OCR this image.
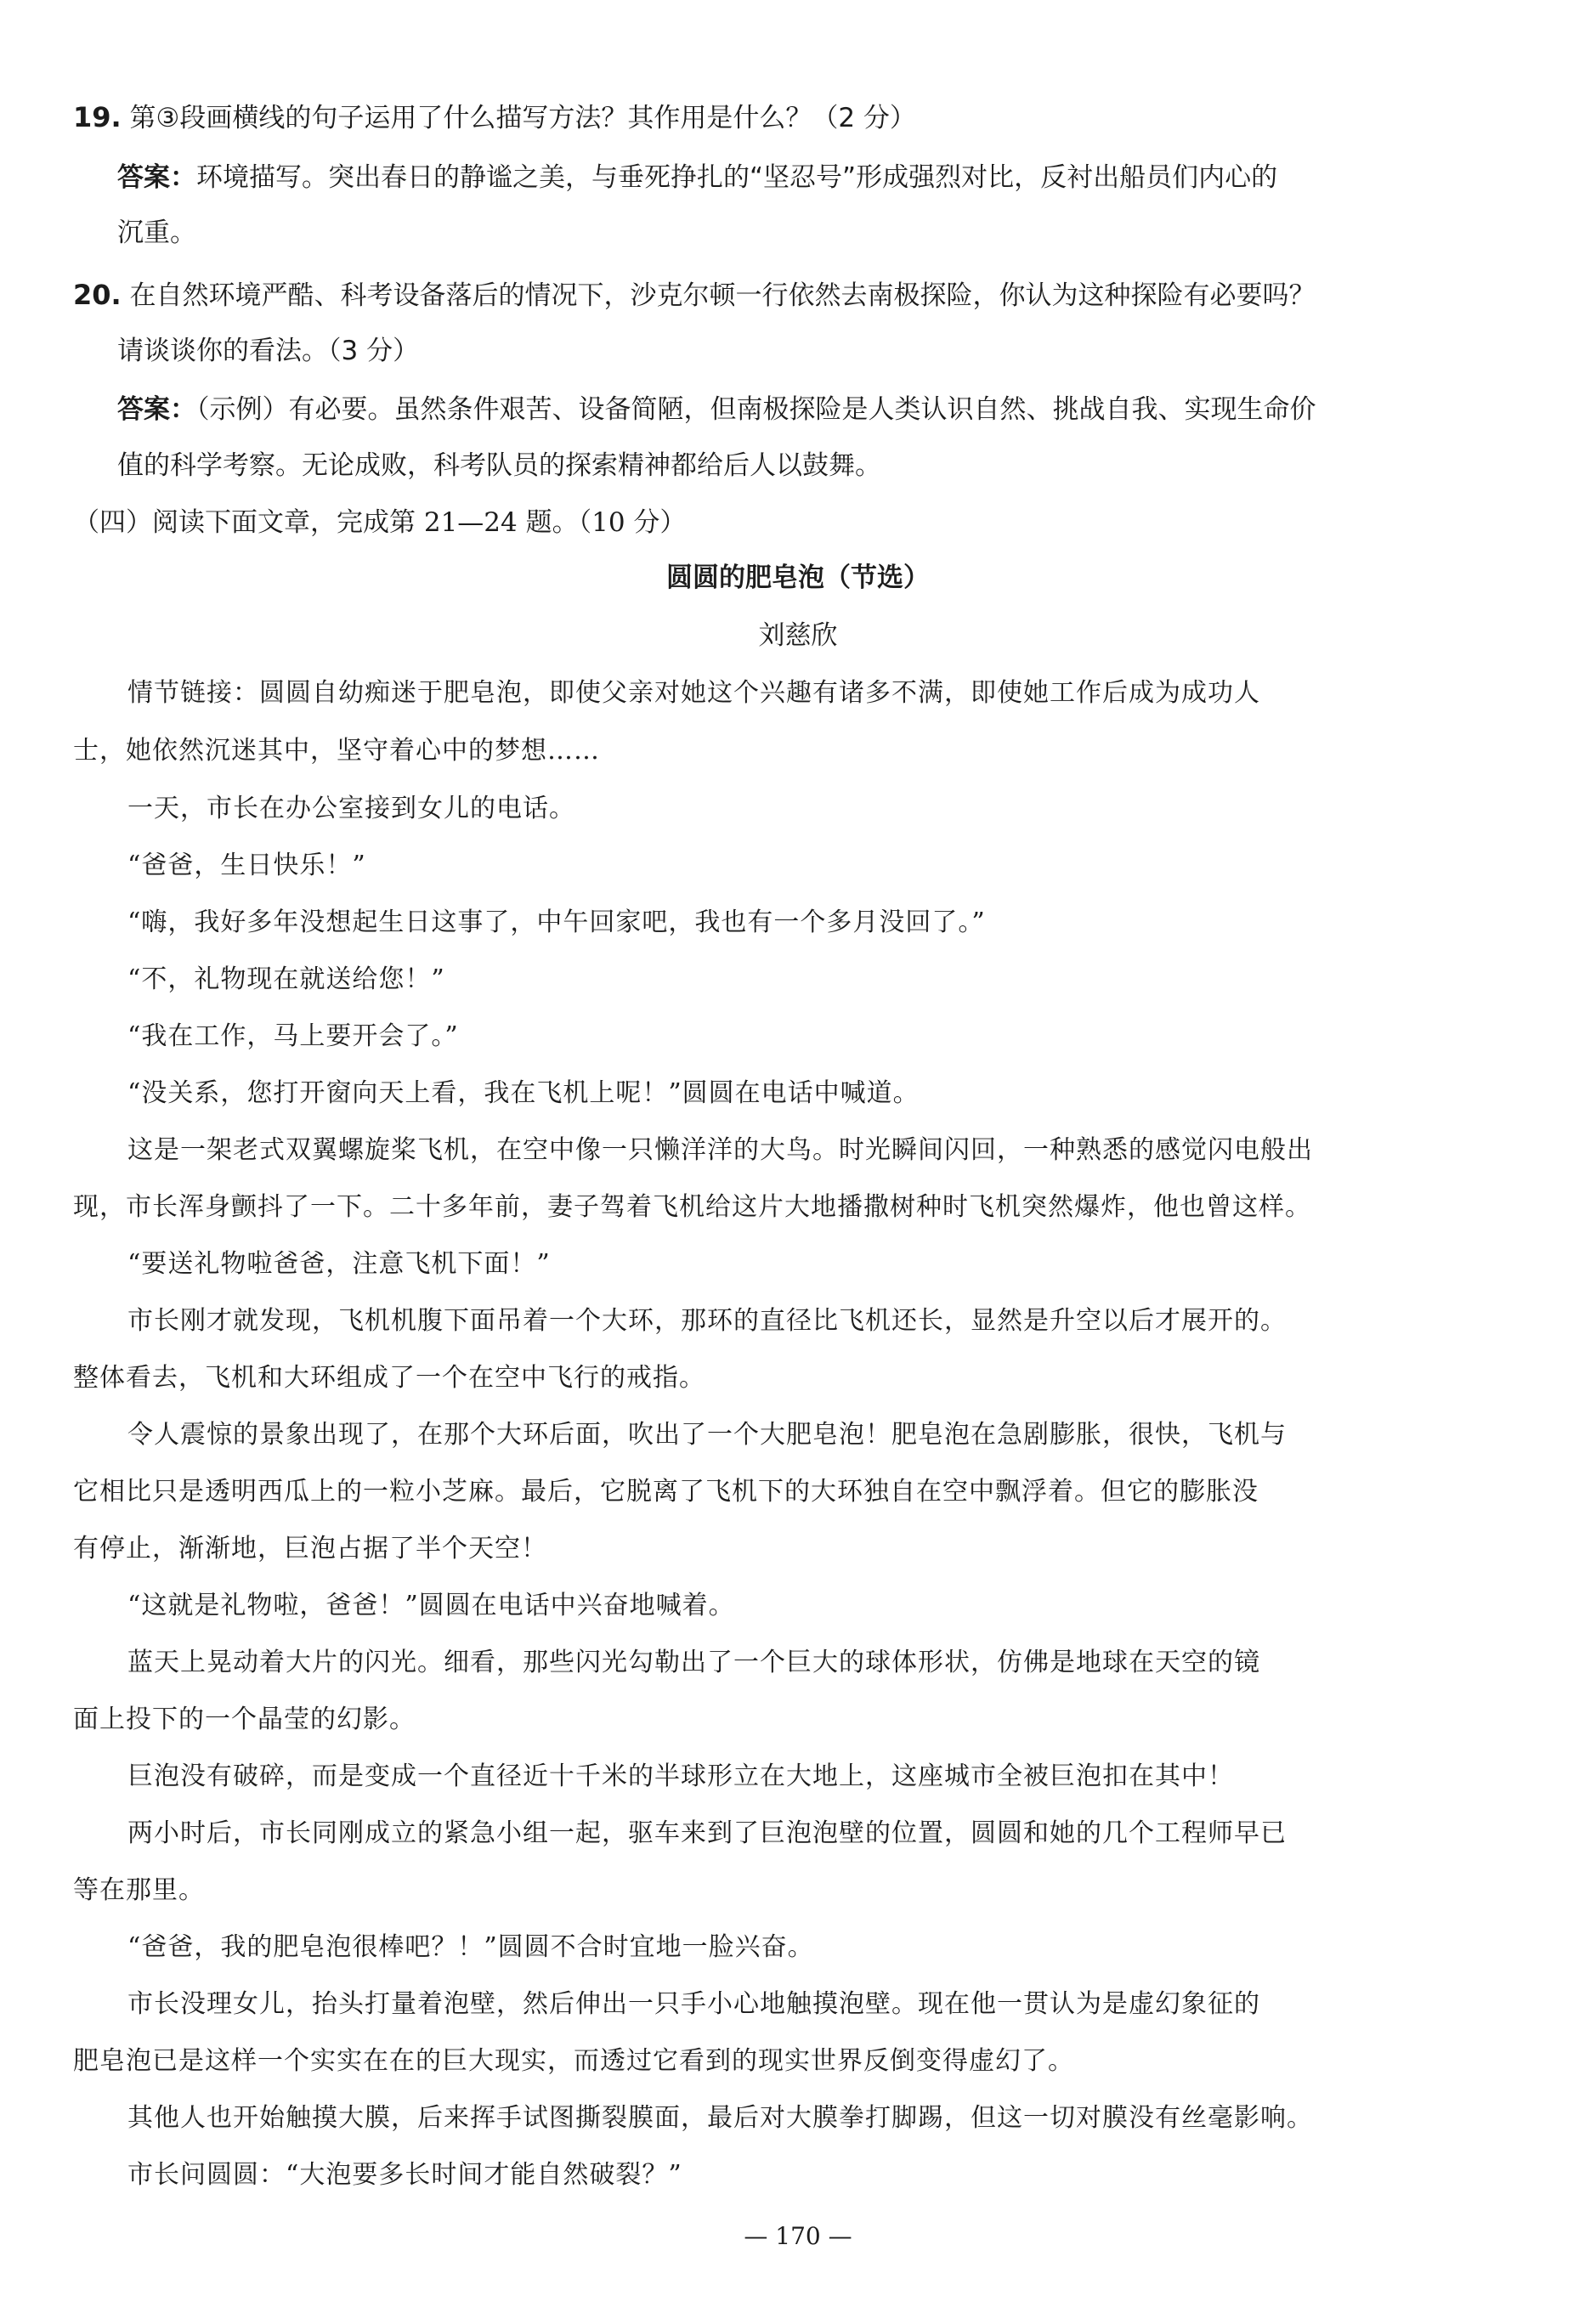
19. 第③段画横线的句子运用了什么描写方法？其作用是什么？（2 分）
答案：环境描写。突出春日的静谧之美，与垂死挣扎的“坚忍号”形成强烈对比，反衬出船员们内心的
沉重。
20. 在自然环境严酷、科考设备落后的情况下，沙克尔顿一行依然去南极探险，你认为这种探险有必要吗？
请谈谈你的看法。（3 分）
答案：（示例）有必要。虽然条件艰苦、设备简陋，但南极探险是人类认识自然、挑战自我、实现生命价
值的科学考察。无论成败，科考队员的探索精神都给后人以鼓舞。
（四）阅读下面文章，完成第 21—24 题。（10 分）
圆圆的肥皂泡（节选）
刘慈欣
情节链接：圆圆自幼痴迷于肥皂泡，即使父亲对她这个兴趣有诸多不满，即使她工作后成为成功人
士，她依然沉迷其中，坚守着心中的梦想……
一天，市长在办公室接到女儿的电话。
“爸爸，生日快乐！”
“嗨，我好多年没想起生日这事了，中午回家吧，我也有一个多月没回了。”
“不，礼物现在就送给您！”
“我在工作，马上要开会了。”
“没关系，您打开窗向天上看，我在飞机上呢！”圆圆在电话中喊道。
这是一架老式双翼螺旋桨飞机，在空中像一只懒洋洋的大鸟。时光瞬间闪回，一种熟悉的感觉闪电般出
现，市长浑身颤抖了一下。二十多年前，妻子驾着飞机给这片大地播撒树种时飞机突然爆炸，他也曾这样。
“要送礼物啦爸爸，注意飞机下面！”
市长刚才就发现，飞机机腹下面吊着一个大环，那环的直径比飞机还长，显然是升空以后才展开的。
整体看去，飞机和大环组成了一个在空中飞行的戒指。
令人震惊的景象出现了，在那个大环后面，吹出了一个大肥皂泡！肥皂泡在急剧膨胀，很快，飞机与
它相比只是透明西瓜上的一粒小芝麻。最后，它脱离了飞机下的大环独自在空中飘浮着。但它的膨胀没
有停止，渐渐地，巨泡占据了半个天空！
“这就是礼物啦，爸爸！”圆圆在电话中兴奋地喊着。
蓝天上晃动着大片的闪光。细看，那些闪光勾勒出了一个巨大的球体形状，仿佛是地球在天空的镜
面上投下的一个晶莹的幻影。
巨泡没有破碎，而是变成一个直径近十千米的半球形立在大地上，这座城市全被巨泡扣在其中！
两小时后，市长同刚成立的紧急小组一起，驱车来到了巨泡泡壁的位置，圆圆和她的几个工程师早已
等在那里。
“爸爸，我的肥皂泡很棒吧？！”圆圆不合时宜地一脸兴奋。
市长没理女儿，抬头打量着泡壁，然后伸出一只手小心地触摸泡壁。现在他一贯认为是虚幻象征的
肥皂泡已是这样一个实实在在的巨大现实，而透过它看到的现实世界反倒变得虚幻了。
其他人也开始触摸大膜，后来挥手试图撕裂膜面，最后对大膜拳打脚踢，但这一切对膜没有丝毫影响。
市长问圆圆：“大泡要多长时间才能自然破裂？”
— 170 —
